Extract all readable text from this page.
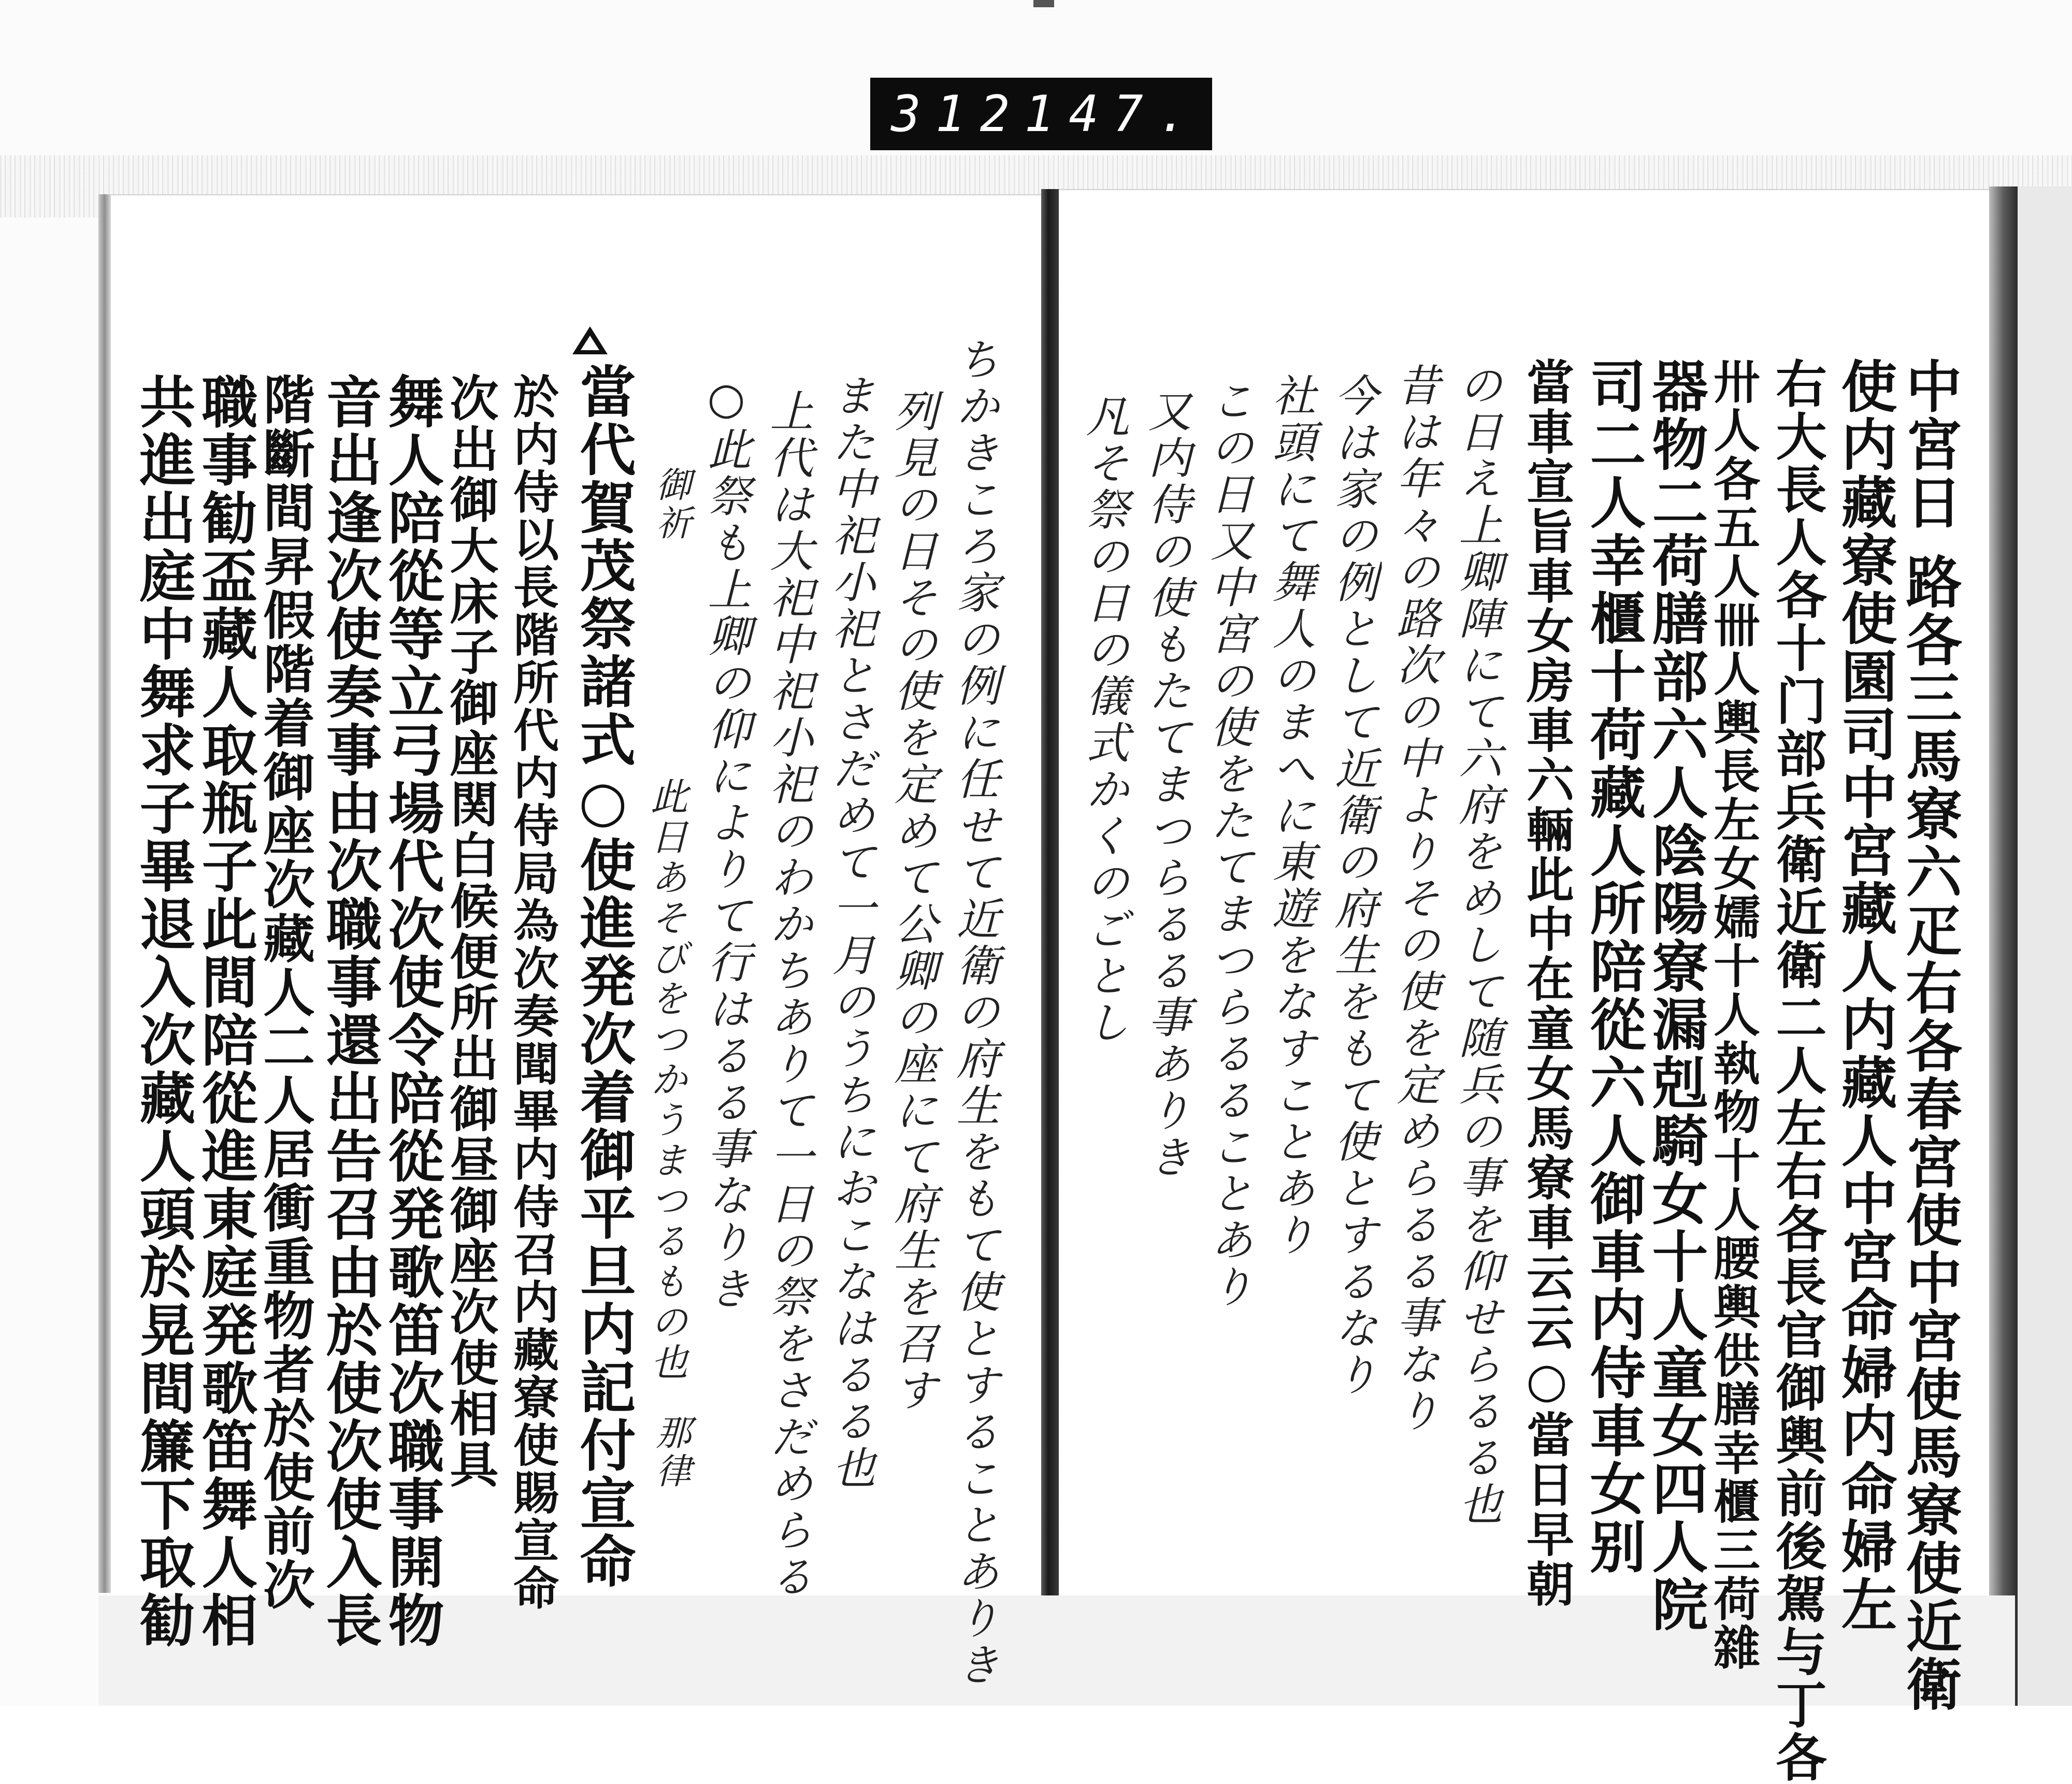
312 147.
中宮日 路各三馬寮六疋右各春宮使中宮使馬寮使近衛
使内藏寮使園司中宮藏人内藏人中宮命婦内命婦左
右大長人各十门部兵衛近衛二人左右各長官御輿前後駕与丁各
卅人各五人卌人輿長左女嬬十人執物十人腰輿供膳幸櫃三荷雜
器物二荷膳部六人陰陽寮漏剋騎女十人童女四人院
司二人幸櫃十荷藏人所陪從六人御車内侍車女别
當車宣旨車女房車六輛此中在童女馬寮車云云○當日早朝
の日え上卿陣にて六府をめして随兵の事を仰せらるる也
昔は年々の路次の中よりその使を定めらるる事なり
今は家の例として近衛の府生をもて使とするなり
社頭にて舞人のまへに東遊をなすことあり
この日又中宮の使をたてまつらるることあり
又内侍の使もたてまつらるる事ありき
凡そ祭の日の儀式かくのごとし
ちかきころ家の例に任せて近衛の府生をもて使とすることありき
列見の日その使を定めて公卿の座にて府生を召す
また中祀小祀とさだめて一月のうちにおこなはるる也
上代は大祀中祀小祀のわかちありて一日の祭をさだめらる
○此祭も上卿の仰によりて行はるる事なりき
此日あそびをつかうまつるもの也
御祈
那律
當代賀茂祭諸式○使進発次着御平旦内記付宣命
於内侍以長階所代内侍局為次奏聞畢内侍召内藏寮使賜宣命
次出御大床子御座関白候便所出御昼御座次使相具
舞人陪從等立弓場代次使令陪從発歌笛次職事開物
音出逢次使奏事由次職事還出告召由於使次使入長
階斷間昇假階着御座次藏人二人居衝重物者於使前次
職事勧盃藏人取瓶子此間陪從進東庭発歌笛舞人相
共進出庭中舞求子畢退入次藏人頭於晃間簾下取勧
